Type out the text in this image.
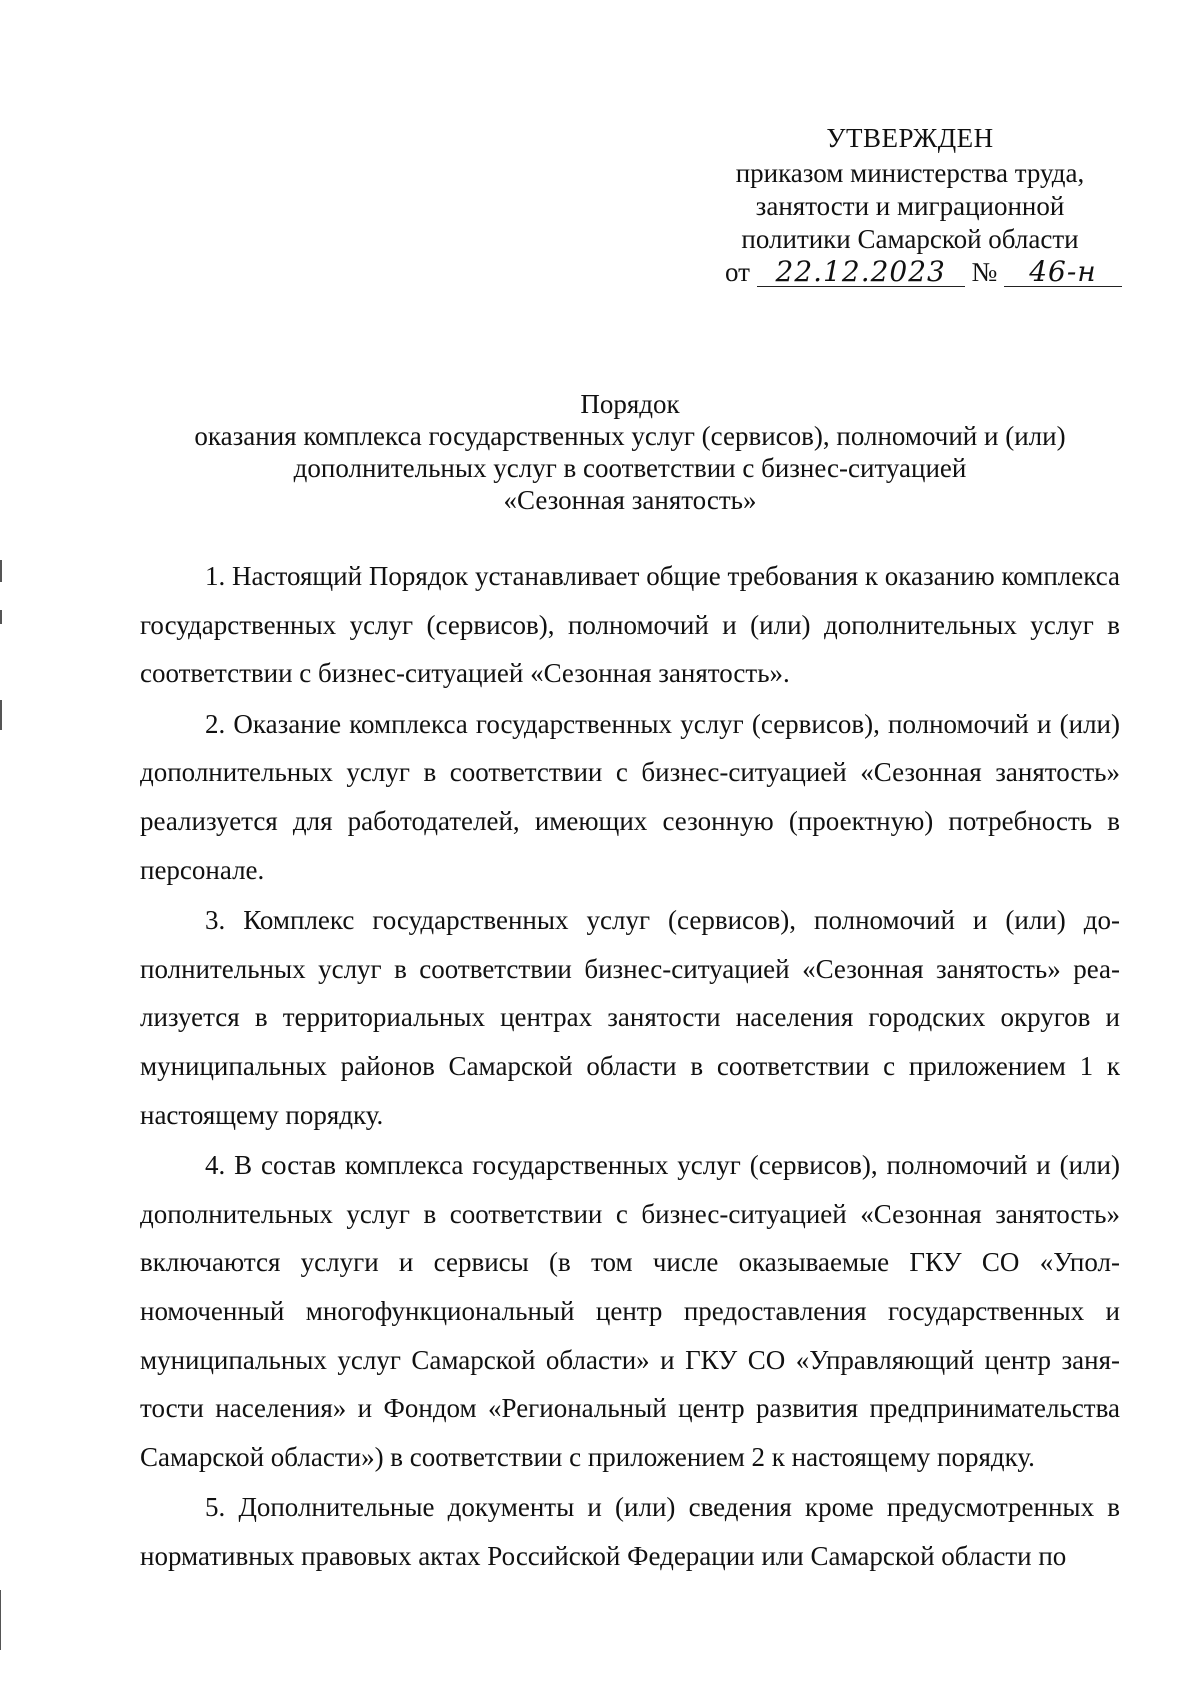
УТВЕРЖДЕН
приказом министерства труда,
занятости и миграционной
политики Самарской области
от 22.12.2023 № 46-н
Порядок
оказания комплекса государственных услуг (сервисов), полномочий и (или)
дополнительных услуг в соответствии с бизнес-ситуацией
«Сезонная занятость»

1. Настоящий Порядок устанавливает общие требования к оказанию комплекса государственных услуг (сервисов), полномочий и (или) дополнительных услуг в соответствии с бизнес-ситуацией «Сезонная занятость».

2. Оказание комплекса государственных услуг (сервисов), полномочий и (или) дополнительных услуг в соответствии с бизнес-ситуацией «Сезонная занятость» реализуется для работодателей, имеющих сезонную (проектную) потребность в персонале.

3. Комплекс государственных услуг (сервисов), полномочий и (или) дополнительных услуг в соответствии бизнес-ситуацией «Сезонная занятость» реализуется в территориальных центрах занятости населения городских округов и муниципальных районов Самарской области в соответствии с приложением 1 к настоящему порядку.

4. В состав комплекса государственных услуг (сервисов), полномочий и (или) дополнительных услуг в соответствии с бизнес-ситуацией «Сезонная занятость» включаются услуги и сервисы (в том числе оказываемые ГКУ СО «Уполномоченный многофункциональный центр предоставления государственных и муниципальных услуг Самарской области» и ГКУ СО «Управляющий центр занятости населения» и Фондом «Региональный центр развития предпринимательства Самарской области») в соответствии с приложением 2 к настоящему порядку.

5. Дополнительные документы и (или) сведения кроме предусмотренных в нормативных правовых актах Российской Федерации или Самарской области по
